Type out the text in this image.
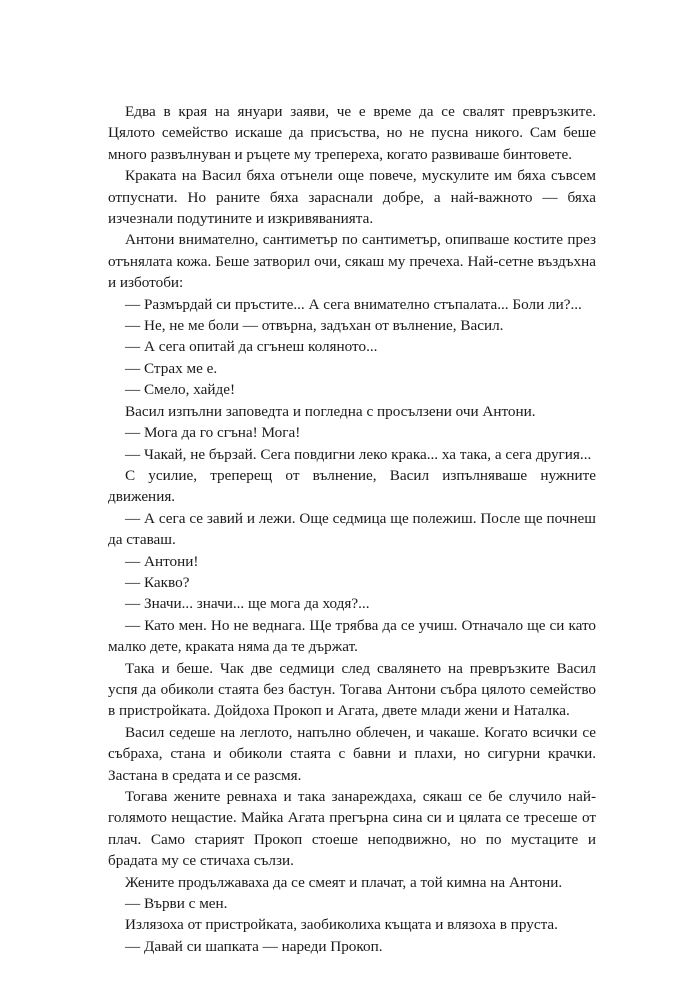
Едва в края на януари заяви, че е време да се свалят превръзките. Цялото семейство искаше да присъства, но не пусна никого. Сам беше много развълнуван и ръцете му трепереха, когато развиваше бинтовете.

Краката на Васил бяха отънели още повече, мускулите им бяха съвсем отпуснати. Но раните бяха зараснали добре, а най-важното — бяха изчезнали подутините и изкривяванията.

Антони внимателно, сантиметър по сантиметър, опипваше костите през отънялата кожа. Беше затворил очи, сякаш му пречеха. Най-сетне въздъхна и изботоби:

— Размърдай си пръстите... А сега внимателно стъпалата... Боли ли?...

— Не, не ме боли — отвърна, задъхан от вълнение, Васил.

— А сега опитай да сгънеш коляното...

— Страх ме е.

— Смело, хайде!

Васил изпълни заповедта и погледна с просълзени очи Антони.

— Мога да го сгъна! Мога!

— Чакай, не бързай. Сега повдигни леко крака... ха така, а сега другия...

С усилие, треперещ от вълнение, Васил изпълняваше нужните движения.

— А сега се завий и лежи. Още седмица ще полежиш. После ще почнеш да ставаш.

— Антони!

— Какво?

— Значи... значи... ще мога да ходя?...

— Като мен. Но не веднага. Ще трябва да се учиш. Отначало ще си като малко дете, краката няма да те държат.

Така и беше. Чак две седмици след свалянето на превръзките Васил успя да обиколи стаята без бастун. Тогава Антони събра цялото семейство в пристройката. Дойдоха Прокоп и Агата, двете млади жени и Наталка.

Васил седеше на леглото, напълно облечен, и чакаше. Когато всички се събраха, стана и обиколи стаята с бавни и плахи, но сигурни крачки. Застана в средата и се разсмя.

Тогава жените ревнаха и така занареждаха, сякаш се бе случило най-голямото нещастие. Майка Агата прегърна сина си и цялата се тресеше от плач. Само старият Прокоп стоеше неподвижно, но по мустаците и брадата му се стичаха сълзи.

Жените продължаваха да се смеят и плачат, а той кимна на Антони.

— Върви с мен.

Излязоха от пристройката, заобиколиха къщата и влязоха в пруста.

— Давай си шапката — нареди Прокоп.
